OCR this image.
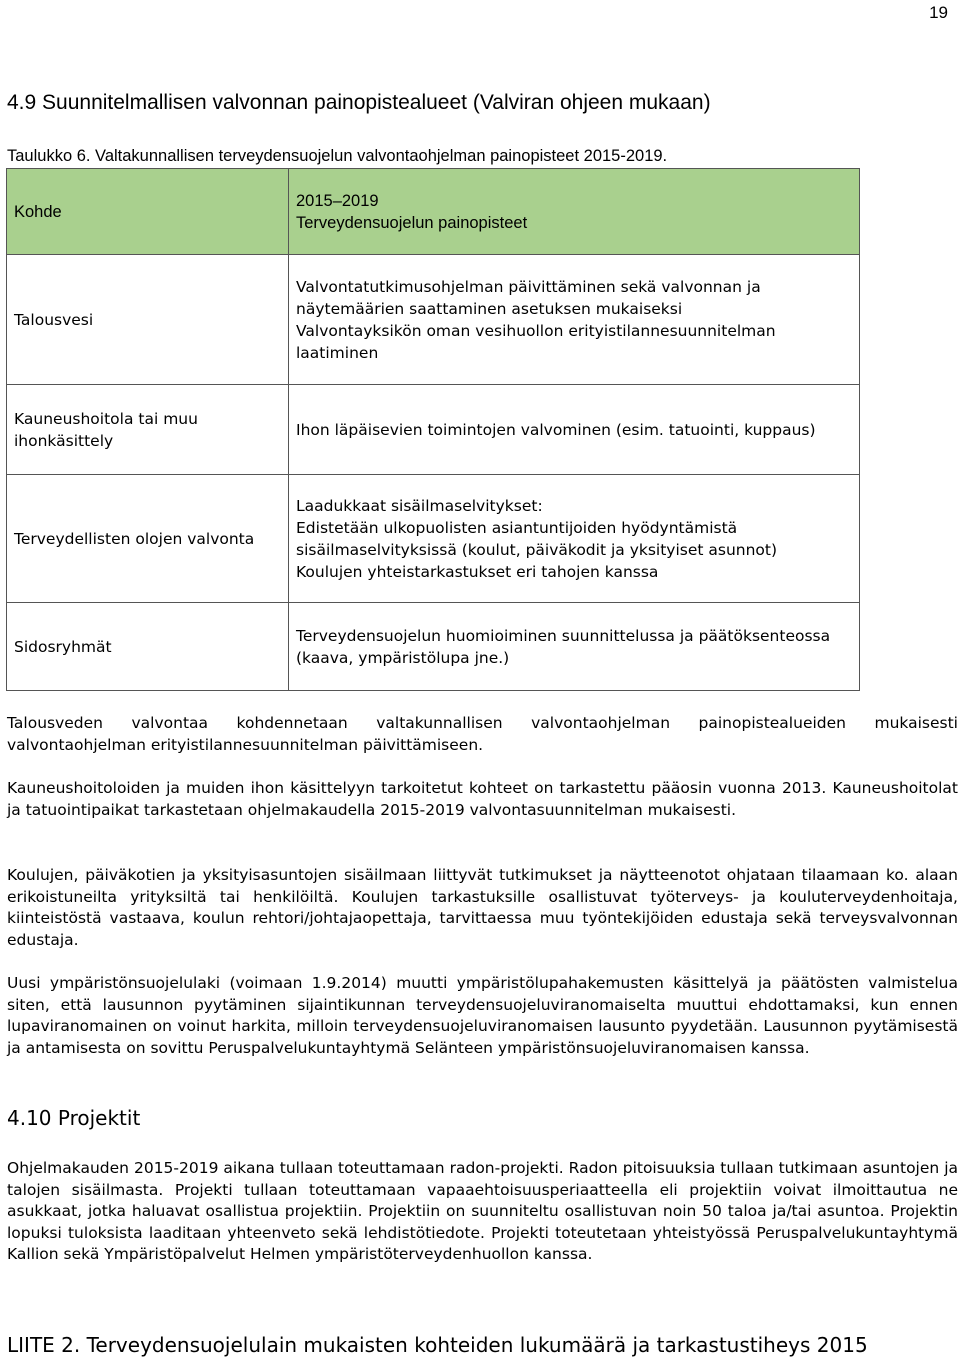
19
4.9 Suunnitelmallisen valvonnan painopistealueet (Valviran ohjeen mukaan)

Taulukko 6. Valtakunnallisen terveydensuojelun valvontaohjelman painopisteet 2015-2019.

Kohde	2015–2019
Terveydensuojelun painopisteet

Talousvesi	Valvontatutkimusohjelman päivittäminen sekä valvonnan ja näytemäärien saattaminen asetuksen mukaiseksi
Valvontayksikön oman vesihuollon erityistilannesuunnitelman laatiminen

Kauneushoitola tai muu ihonkäsittely	Ihon läpäisevien toimintojen valvominen (esim. tatuointi, kuppaus)

Terveydellisten olojen valvonta	Laadukkaat sisäilmaselvitykset:
Edistetään ulkopuolisten asiantuntijoiden hyödyntämistä sisäilmaselvityksissä (koulut, päiväkodit ja yksityiset asunnot)
Koulujen yhteistarkastukset eri tahojen kanssa

Sidosryhmät	Terveydensuojelun huomioiminen suunnittelussa ja päätöksenteossa (kaava, ympäristölupa jne.)

Talousveden valvontaa kohdennetaan valtakunnallisen valvontaohjelman painopistealueiden mukaisesti valvontaohjelman erityistilannesuunnitelman päivittämiseen.

Kauneushoitoloiden ja muiden ihon käsittelyyn tarkoitetut kohteet on tarkastettu pääosin vuonna 2013. Kauneushoitolat ja tatuointipaikat tarkastetaan ohjelmakaudella 2015-2019 valvontasuunnitelman mukaisesti.

Koulujen, päiväkotien ja yksityisasuntojen sisäilmaan liittyvät tutkimukset ja näytteenotot ohjataan tilaamaan ko. alaan erikoistuneilta yrityksiltä tai henkilöiltä. Koulujen tarkastuksille osallistuvat työterveys- ja kouluterveydenhoitaja, kiinteistöstä vastaava, koulun rehtori/johtajaopettaja, tarvittaessa muu työntekijöiden edustaja sekä terveysvalvonnan edustaja.

Uusi ympäristönsuojelulaki (voimaan 1.9.2014) muutti ympäristölupahakemusten käsittelyä ja päätösten valmistelua siten, että lausunnon pyytäminen sijaintikunnan terveydensuojeluviranomaiselta muuttui ehdottamaksi, kun ennen lupaviranomainen on voinut harkita, milloin terveydensuojeluviranomaisen lausunto pyydetään. Lausunnon pyytämisestä ja antamisesta on sovittu Peruspalvelukuntayhtymä Selänteen ympäristönsuojeluviranomaisen kanssa.

4.10 Projektit

Ohjelmakauden 2015-2019 aikana tullaan toteuttamaan radon-projekti. Radon pitoisuuksia tullaan tutkimaan asuntojen ja talojen sisäilmasta. Projekti tullaan toteuttamaan vapaaehtoisuusperiaatteella eli projektiin voivat ilmoittautua ne asukkaat, jotka haluavat osallistua projektiin. Projektiin on suunniteltu osallistuvan noin 50 taloa ja/tai asuntoa. Projektin lopuksi tuloksista laaditaan yhteenveto sekä lehdistötiedote. Projekti toteutetaan yhteistyössä Peruspalvelukuntayhtymä Kallion sekä Ympäristöpalvelut Helmen ympäristöterveydenhuollon kanssa.

LIITE 2. Terveydensuojelulain mukaisten kohteiden lukumäärä ja tarkastustiheys 2015
